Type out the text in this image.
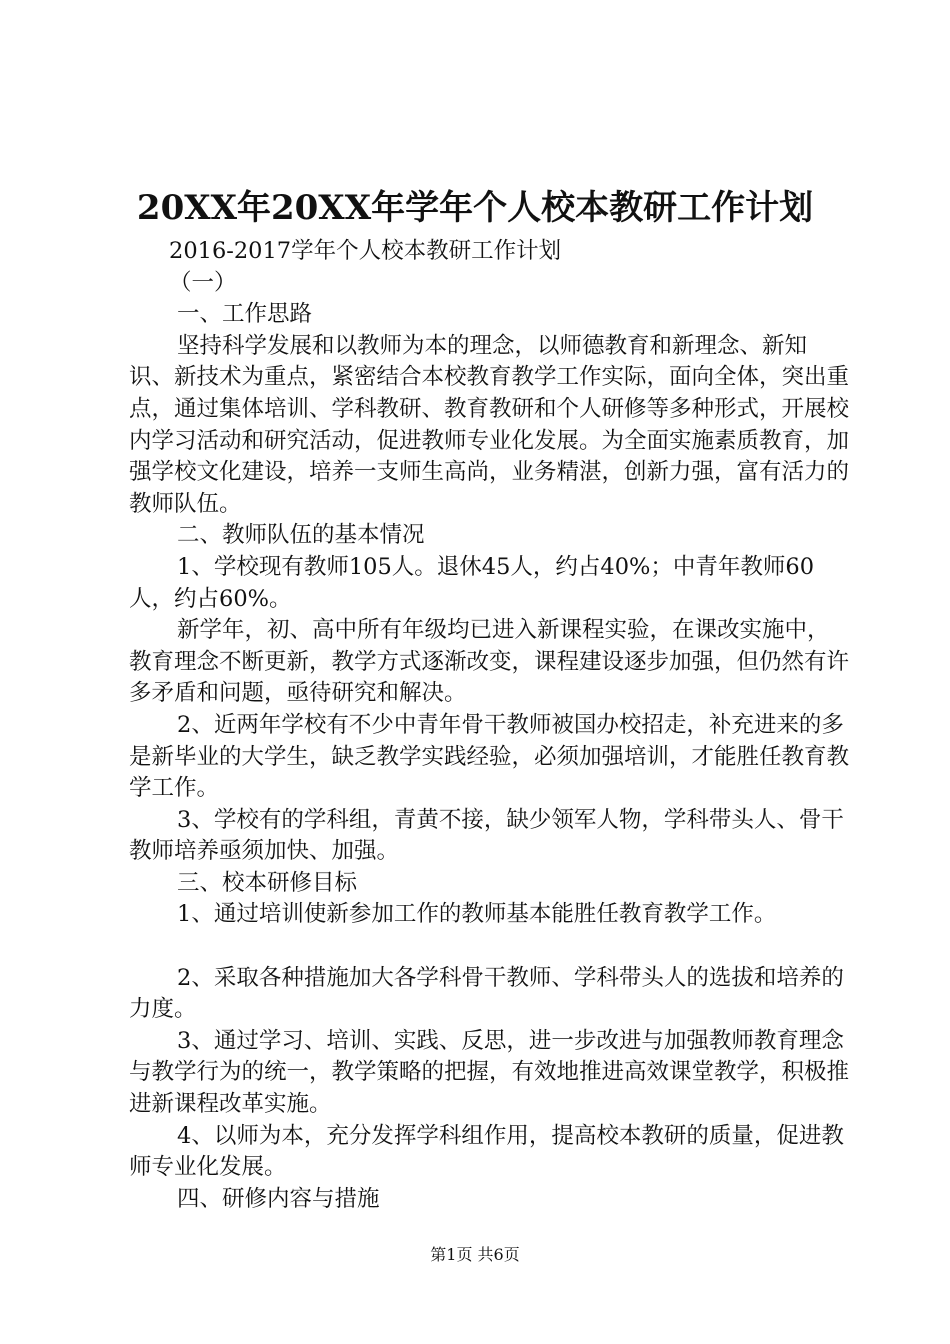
20XX年20XX年学年个人校本教研工作计划

2016-2017学年个人校本教研工作计划

（一）

一、工作思路

坚持科学发展和以教师为本的理念，以师德教育和新理念、新知识、新技术为重点，紧密结合本校教育教学工作实际，面向全体，突出重点，通过集体培训、学科教研、教育教研和个人研修等多种形式，开展校内学习活动和研究活动，促进教师专业化发展。为全面实施素质教育，加强学校文化建设，培养一支师生高尚，业务精湛，创新力强，富有活力的教师队伍。

二、教师队伍的基本情况

1、学校现有教师105人。退休45人，约占40%；中青年教师60人，约占60%。

新学年，初、高中所有年级均已进入新课程实验，在课改实施中，教育理念不断更新，教学方式逐渐改变，课程建设逐步加强，但仍然有许多矛盾和问题，亟待研究和解决。

2、近两年学校有不少中青年骨干教师被国办校招走，补充进来的多是新毕业的大学生，缺乏教学实践经验，必须加强培训，才能胜任教育教学工作。

3、学校有的学科组，青黄不接，缺少领军人物，学科带头人、骨干教师培养亟须加快、加强。

三、校本研修目标

1、通过培训使新参加工作的教师基本能胜任教育教学工作。

2、采取各种措施加大各学科骨干教师、学科带头人的选拔和培养的力度。

3、通过学习、培训、实践、反思，进一步改进与加强教师教育理念与教学行为的统一，教学策略的把握，有效地推进高效课堂教学，积极推进新课程改革实施。

4、以师为本，充分发挥学科组作用，提高校本教研的质量，促进教师专业化发展。

四、研修内容与措施

第1页 共6页
